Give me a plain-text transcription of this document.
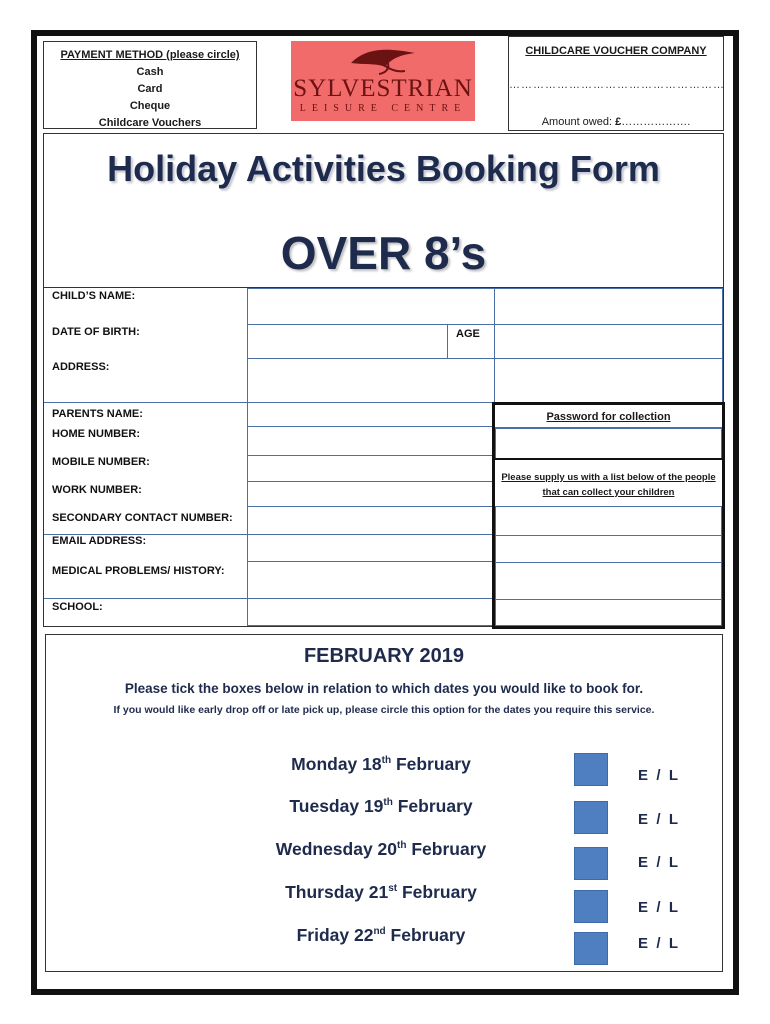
PAYMENT METHOD (please circle)
Cash
Card
Cheque
Childcare Vouchers
SYLVESTRIAN
LEISURE CENTRE
CHILDCARE VOUCHER COMPANY
………………………………………………
Amount owed: £……………….
Holiday Activities Booking Form
OVER 8’s
CHILD’S NAME:
DATE OF BIRTH:	AGE
ADDRESS:
PARENTS NAME:
HOME NUMBER:
MOBILE NUMBER:
WORK NUMBER:
SECONDARY CONTACT NUMBER:
EMAIL ADDRESS:
MEDICAL PROBLEMS/ HISTORY:
SCHOOL:
Password for collection
Please supply us with a list below of the people that can collect your children
FEBRUARY 2019
Please tick the boxes below in relation to which dates you would like to book for.
If you would like early drop off or late pick up, please circle this option for the dates you require this service.
Monday 18th February
E  /  L
Tuesday 19th February
E  /  L
Wednesday 20th February
E  /  L
Thursday 21st February
E  /  L
Friday 22nd February	E  /  L
